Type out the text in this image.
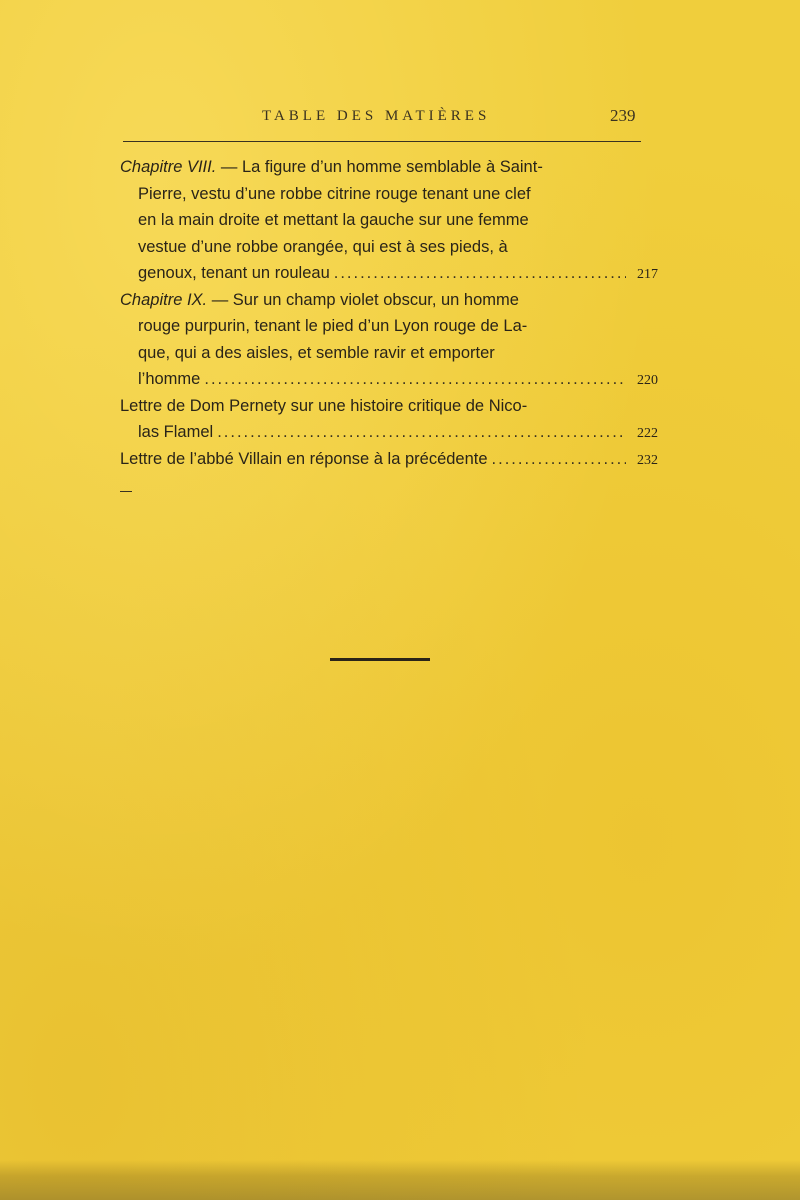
TABLE DES MATIÈRES	239
Chapitre VIII. — La figure d’un homme semblable à Saint-
Pierre, vestu d’une robbe citrine rouge tenant une clef
en la main droite et mettant la gauche sur une femme
vestue d’une robbe orangée, qui est à ses pieds, à
genoux, tenant un rouleau .....	217
Chapitre IX. — Sur un champ violet obscur, un homme
rouge purpurin, tenant le pied d’un Lyon rouge de La-
que, qui a des aisles, et semble ravir et emporter
l’homme .....	220
Lettre de Dom Pernety sur une histoire critique de Nico-
las Flamel .....	222
Lettre de l’abbé Villain en réponse à la précédente .....	232
